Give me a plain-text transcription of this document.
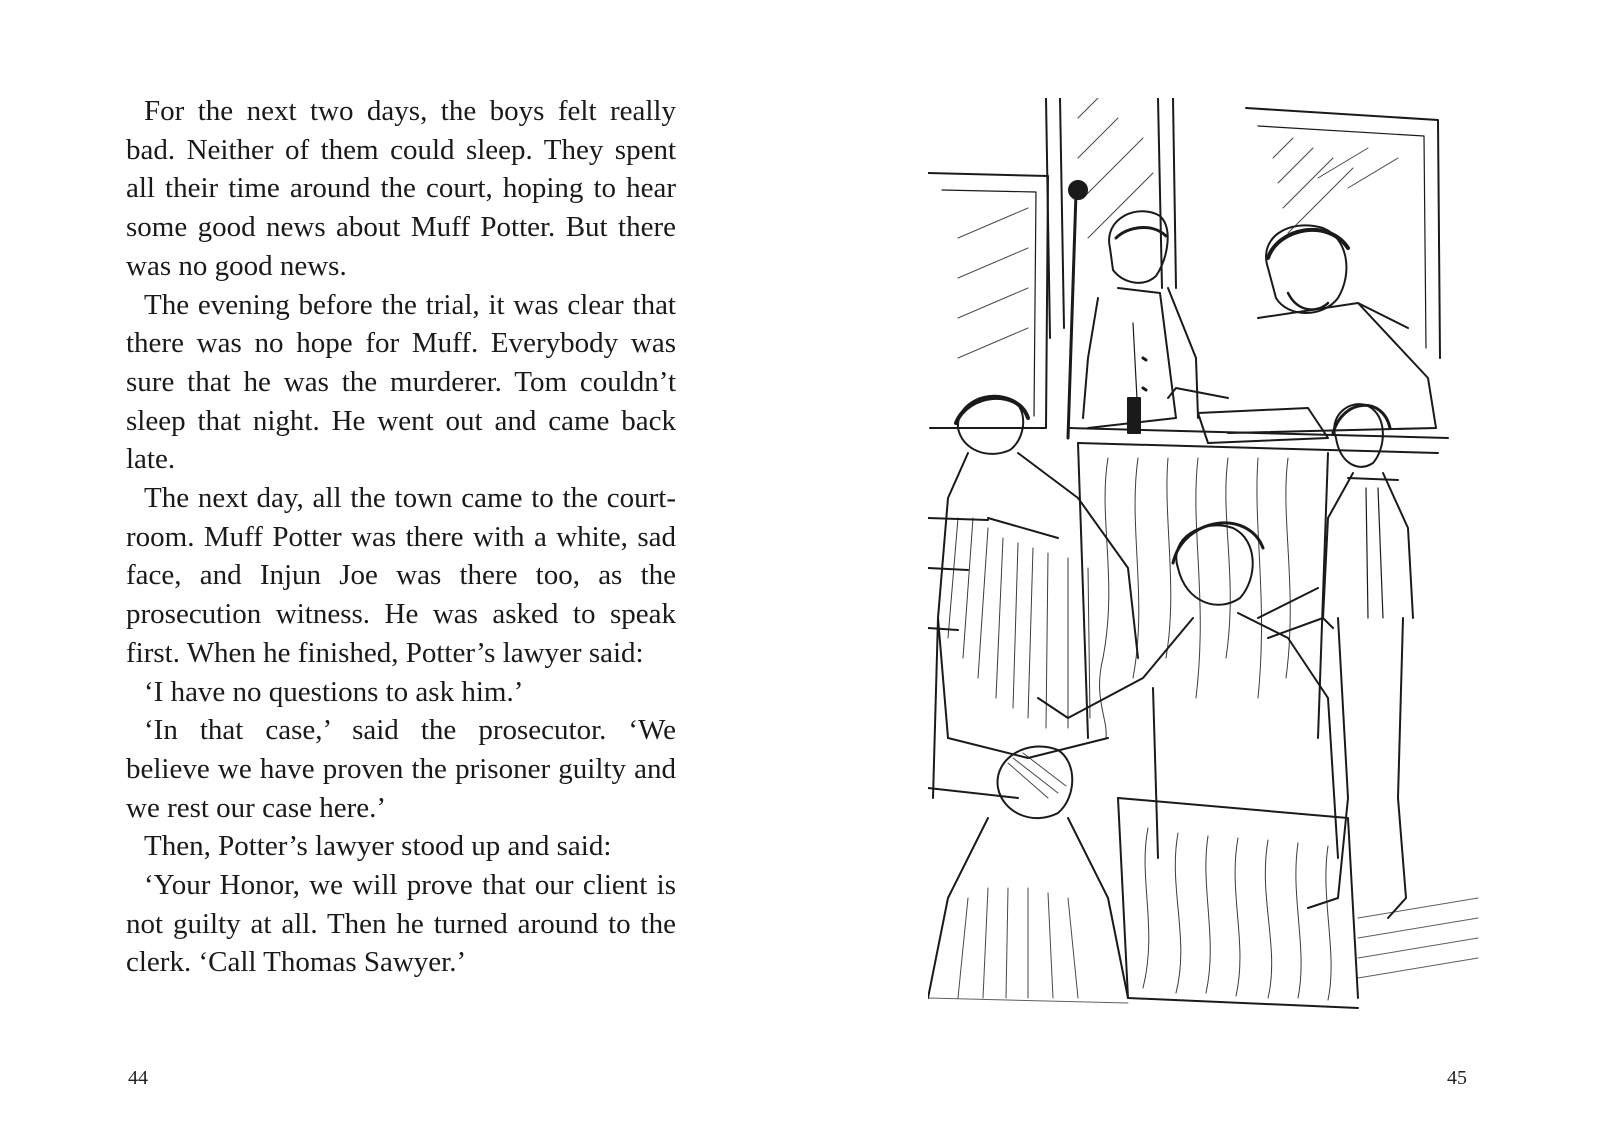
For the next two days, the boys felt really bad. Neither of them could sleep. They spent all their time around the court, hoping to hear some good news about Muff Potter. But there was no good news.

The evening before the trial, it was clear that there was no hope for Muff. Everybody was sure that he was the murderer. Tom couldn’t sleep that night. He went out and came back late.

The next day, all the town came to the court-room. Muff Potter was there with a white, sad face, and Injun Joe was there too, as the prosecution witness. He was asked to speak first. When he finished, Potter’s lawyer said:

‘I have no questions to ask him.’

‘In that case,’ said the prosecutor. ‘We believe we have proven the prisoner guilty and we rest our case here.’

Then, Potter’s lawyer stood up and said:

‘Your Honor, we will prove that our client is not guilty at all. Then he turned around to the clerk. ‘Call Thomas Sawyer.’

44	45
